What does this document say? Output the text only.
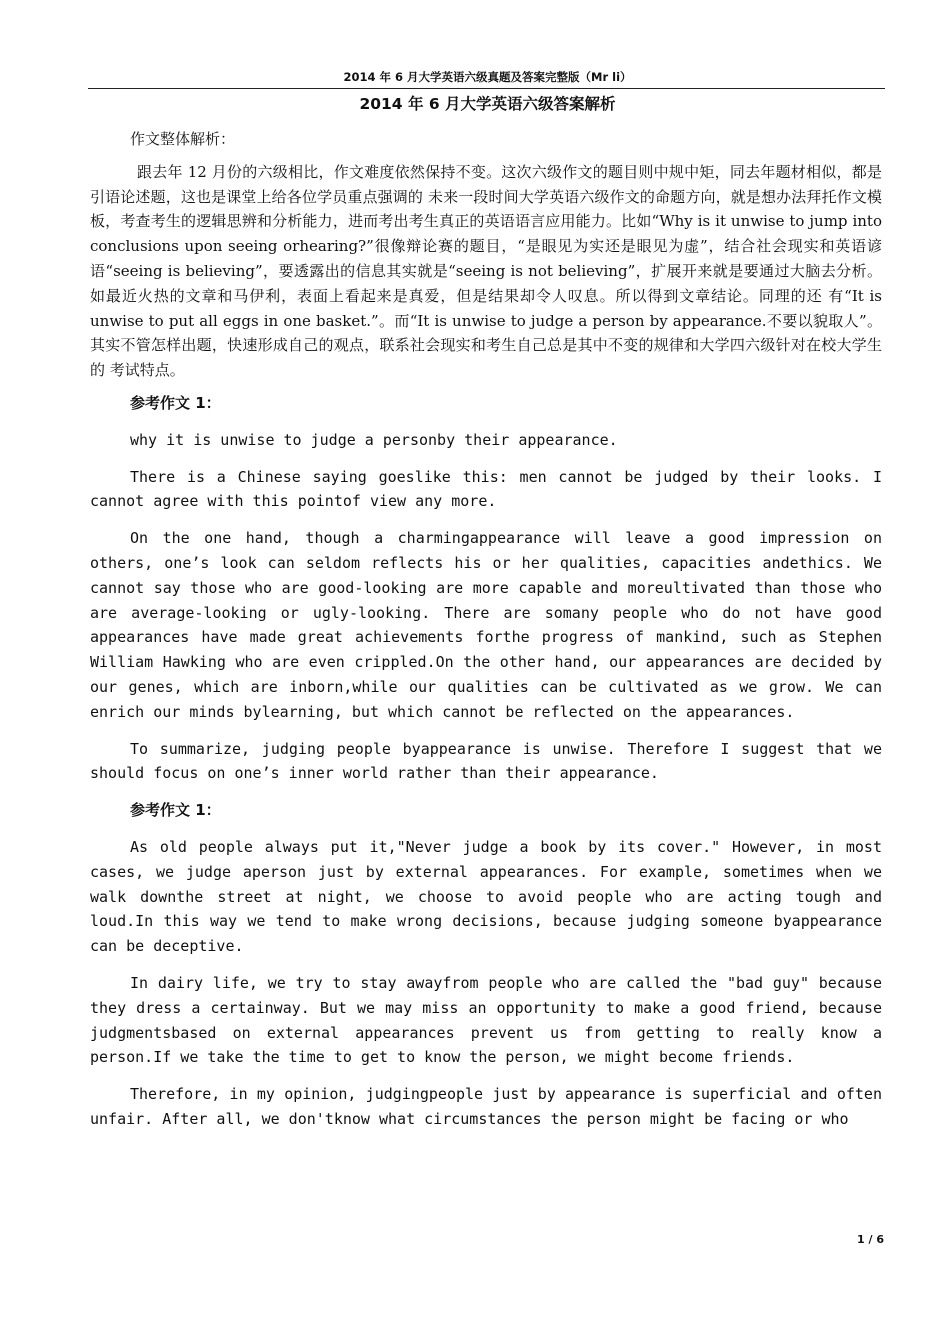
2014 年 6 月大学英语六级真题及答案完整版（Mr li）
2014 年 6 月大学英语六级答案解析

作文整体解析：

跟去年 12 月份的六级相比，作文难度依然保持不变。这次六级作文的题目则中规中矩，同去年题材相似，都是引语论述题，这也是课堂上给各位学员重点强调的 未来一段时间大学英语六级作文的命题方向，就是想办法拜托作文模板，考查考生的逻辑思辨和分析能力，进而考出考生真正的英语语言应用能力。比如“Why is it unwise to jump into conclusions upon seeing orhearing?”很像辩论赛的题目，“是眼见为实还是眼见为虚”，结合社会现实和英语谚语“seeing is believing”，要透露出的信息其实就是“seeing is not believing”，扩展开来就是要通过大脑去分析。如最近火热的文章和马伊利，表面上看起来是真爱，但是结果却令人叹息。所以得到文章结论。同理的还 有“It is unwise to put all eggs in one basket.”。而“It is unwise to judge a person by appearance.不要以貌取人”。其实不管怎样出题，快速形成自己的观点，联系社会现实和考生自己总是其中不变的规律和大学四六级针对在校大学生的 考试特点。

参考作文 1：

why it is unwise to judge a personby their appearance.

There is a Chinese saying goeslike this: men cannot be judged by their looks. I cannot agree with this pointof view any more.

On the one hand, though a charmingappearance will leave a good impression on others, one’s look can seldom reflects his or her qualities, capacities andethics. We cannot say those who are good-looking are more capable and moreultivated than those who are average-looking or ugly-looking. There are somany people who do not have good appearances have made great achievements forthe progress of mankind, such as Stephen William Hawking who are even crippled.On the other hand, our appearances are decided by our genes, which are inborn,while our qualities can be cultivated as we grow. We can enrich our minds bylearning, but which cannot be reflected on the appearances.

To summarize, judging people byappearance is unwise. Therefore I suggest that we should focus on one’s inner world rather than their appearance.

参考作文 1：

As old people always put it,"Never judge a book by its cover." However, in most cases, we judge aperson just by external appearances. For example, sometimes when we walk downthe street at night, we choose to avoid people who are acting tough and loud.In this way we tend to make wrong decisions, because judging someone byappearance can be deceptive.

In dairy life, we try to stay awayfrom people who are called the "bad guy" because they dress a certainway. But we may miss an opportunity to make a good friend, because judgmentsbased on external appearances prevent us from getting to really know a person.If we take the time to get to know the person, we might become friends.

Therefore, in my opinion, judgingpeople just by appearance is superficial and often unfair. After all, we don'tknow what circumstances the person might be facing or who

1 / 6
